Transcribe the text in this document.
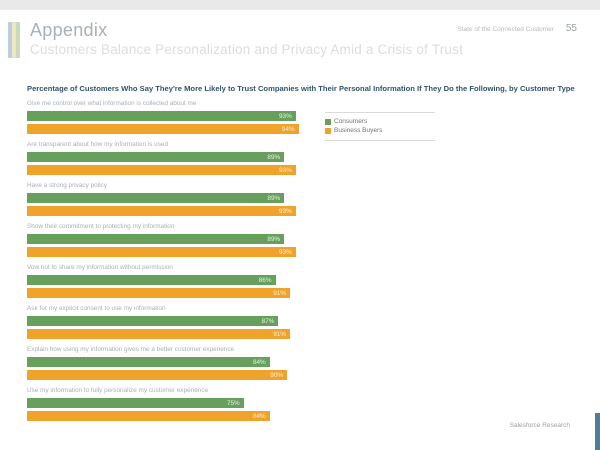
Appendix
Customers Balance Personalization and Privacy Amid a Crisis of Trust
State of the Connected Customer 55
Percentage of Customers Who Say They're More Likely to Trust Companies with Their Personal Information If They Do the Following, by Customer Type
Consumers
Business Buyers
Give me control over what information is collected about me
93%
94%
Are transparent about how my information is used
89%
93%
Have a strong privacy policy
89%
93%
Show their commitment to protecting my information
89%
93%
Vow not to share my information without permission
86%
91%
Ask for my explicit consent to use my information
87%
91%
Explain how using my information gives me a better customer experience
84%
90%
Use my information to fully personalize my customer experience
75%
84%
Salesforce Research
